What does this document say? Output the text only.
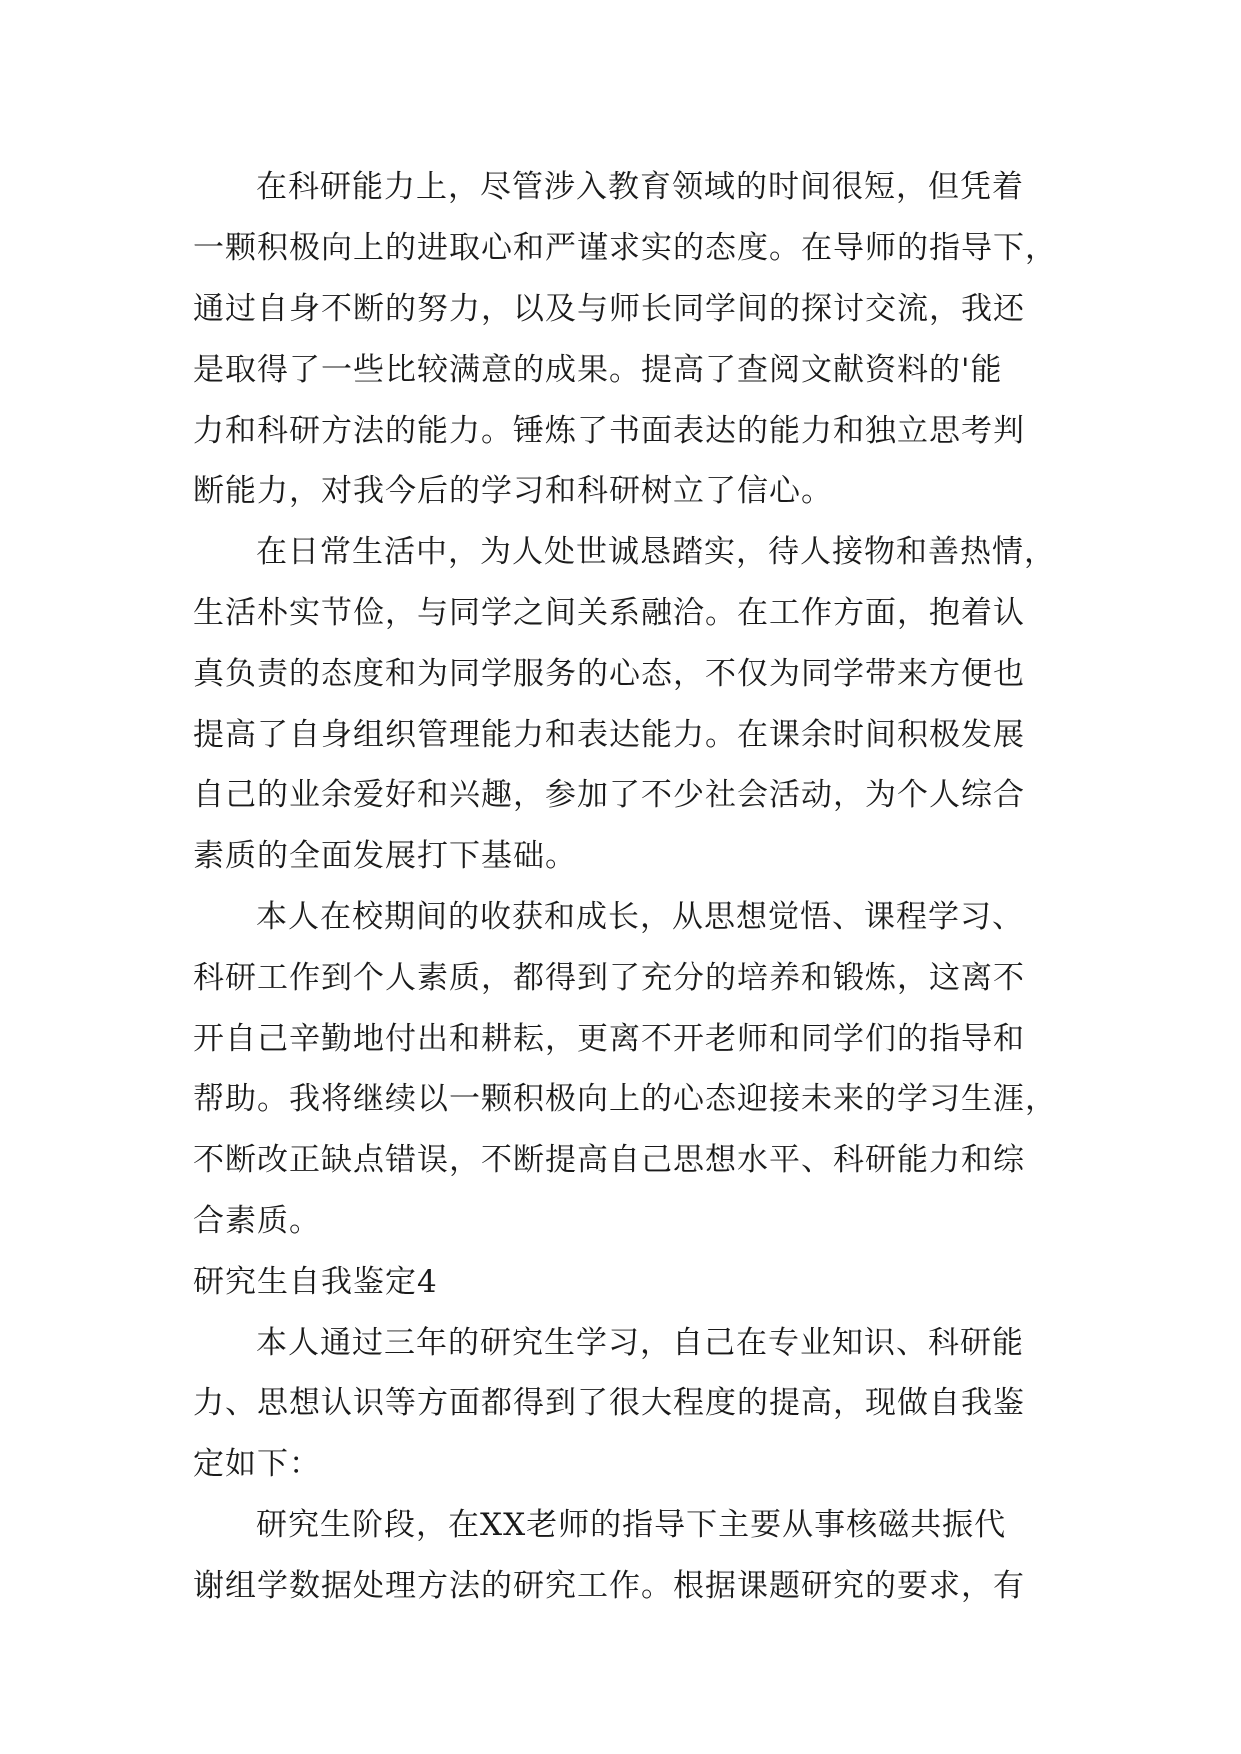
在科研能力上，尽管涉入教育领域的时间很短，但凭着
一颗积极向上的进取心和严谨求实的态度。在导师的指导下，
通过自身不断的努力，以及与师长同学间的探讨交流，我还
是取得了一些比较满意的成果。提高了查阅文献资料的'能
力和科研方法的能力。锤炼了书面表达的能力和独立思考判
断能力，对我今后的学习和科研树立了信心。
在日常生活中，为人处世诚恳踏实，待人接物和善热情，
生活朴实节俭，与同学之间关系融洽。在工作方面，抱着认
真负责的态度和为同学服务的心态，不仅为同学带来方便也
提高了自身组织管理能力和表达能力。在课余时间积极发展
自己的业余爱好和兴趣，参加了不少社会活动，为个人综合
素质的全面发展打下基础。
本人在校期间的收获和成长，从思想觉悟、课程学习、
科研工作到个人素质，都得到了充分的培养和锻炼，这离不
开自己辛勤地付出和耕耘，更离不开老师和同学们的指导和
帮助。我将继续以一颗积极向上的心态迎接未来的学习生涯，
不断改正缺点错误，不断提高自己思想水平、科研能力和综
合素质。
研究生自我鉴定4
本人通过三年的研究生学习，自己在专业知识、科研能
力、思想认识等方面都得到了很大程度的提高，现做自我鉴
定如下：
研究生阶段，在XX老师的指导下主要从事核磁共振代
谢组学数据处理方法的研究工作。根据课题研究的要求，有
